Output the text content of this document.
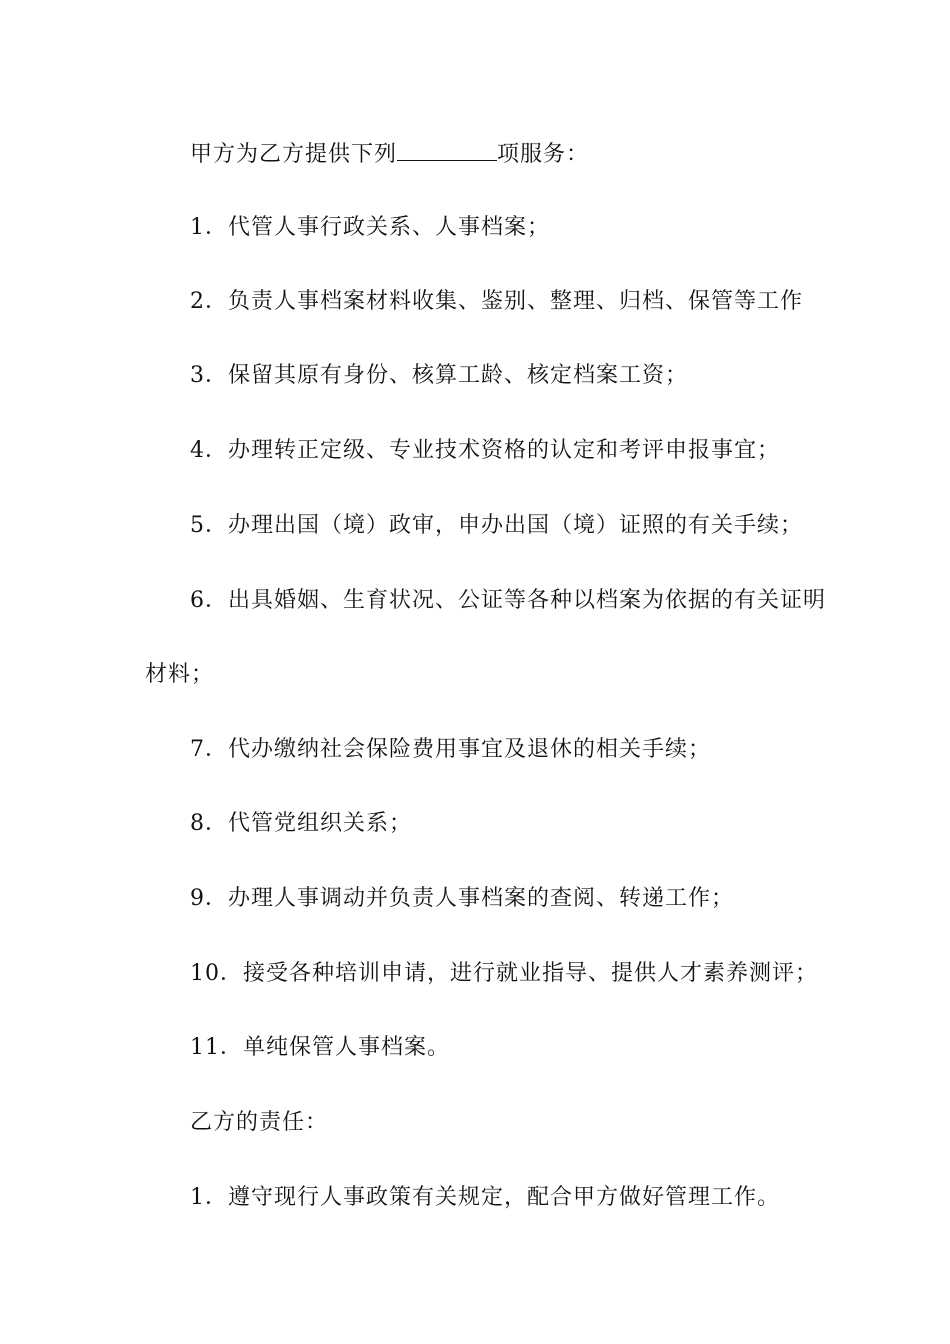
甲方为乙方提供下列	项服务：
1．代管人事行政关系、人事档案；
2．负责人事档案材料收集、鉴别、整理、归档、保管等工作
3．保留其原有身份、核算工龄、核定档案工资；
4．办理转正定级、专业技术资格的认定和考评申报事宜；
5．办理出国（境）政审，申办出国（境）证照的有关手续；
6．出具婚姻、生育状况、公证等各种以档案为依据的有关证明
材料；
7．代办缴纳社会保险费用事宜及退休的相关手续；
8．代管党组织关系；
9．办理人事调动并负责人事档案的查阅、转递工作；
10．接受各种培训申请，进行就业指导、提供人才素养测评；
11．单纯保管人事档案。
乙方的责任：
1．遵守现行人事政策有关规定，配合甲方做好管理工作。
